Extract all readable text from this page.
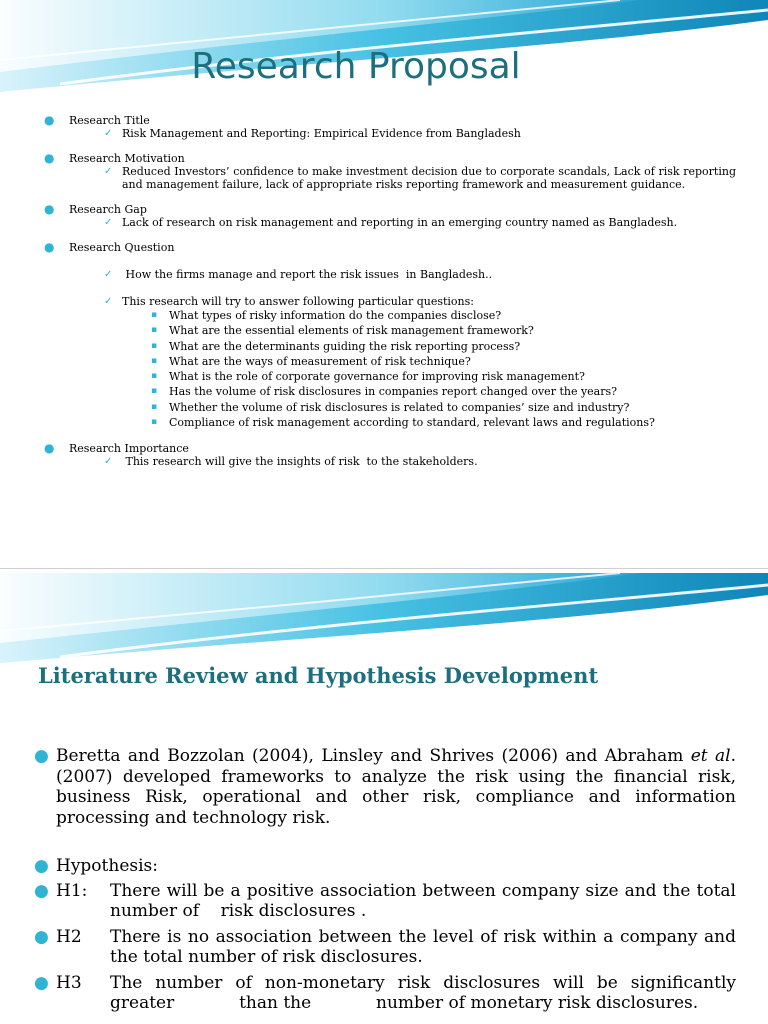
Research Proposal
● Research Title
✓ Risk Management and Reporting: Empirical Evidence from Bangladesh
● Research Motivation
✓ Reduced Investors’ confidence to make investment decision due to corporate scandals, Lack of risk reporting and management failure, lack of appropriate risks reporting framework and measurement guidance.
● Research Gap
✓ Lack of research on risk management and reporting in an emerging country named as Bangladesh.
● Research Question
✓ How the firms manage and report the risk issues  in Bangladesh..
✓ This research will try to answer following particular questions:
▪ What types of risky information do the companies disclose?
▪ What are the essential elements of risk management framework?
▪ What are the determinants guiding the risk reporting process?
▪ What are the ways of measurement of risk technique?
▪ What is the role of corporate governance for improving risk management?
▪ Has the volume of risk disclosures in companies report changed over the years?
▪ Whether the volume of risk disclosures is related to companies’ size and industry?
▪ Compliance of risk management according to standard, relevant laws and regulations?
● Research Importance
✓ This research will give the insights of risk  to the stakeholders.
Literature Review and Hypothesis Development
● Beretta and Bozzolan (2004), Linsley and Shrives (2006) and Abraham et al. (2007) developed frameworks to analyze the risk using the financial risk, business Risk, operational and other risk, compliance and information processing and technology risk.
● Hypothesis:
● H1:	There will be a positive association between company size and the total  number of    risk disclosures .
● H2	There is no association between the level of risk within a company and the total number of risk disclosures.
● H3	The number of non-monetary risk disclosures will be significantly greater            than the            number of monetary risk disclosures.
